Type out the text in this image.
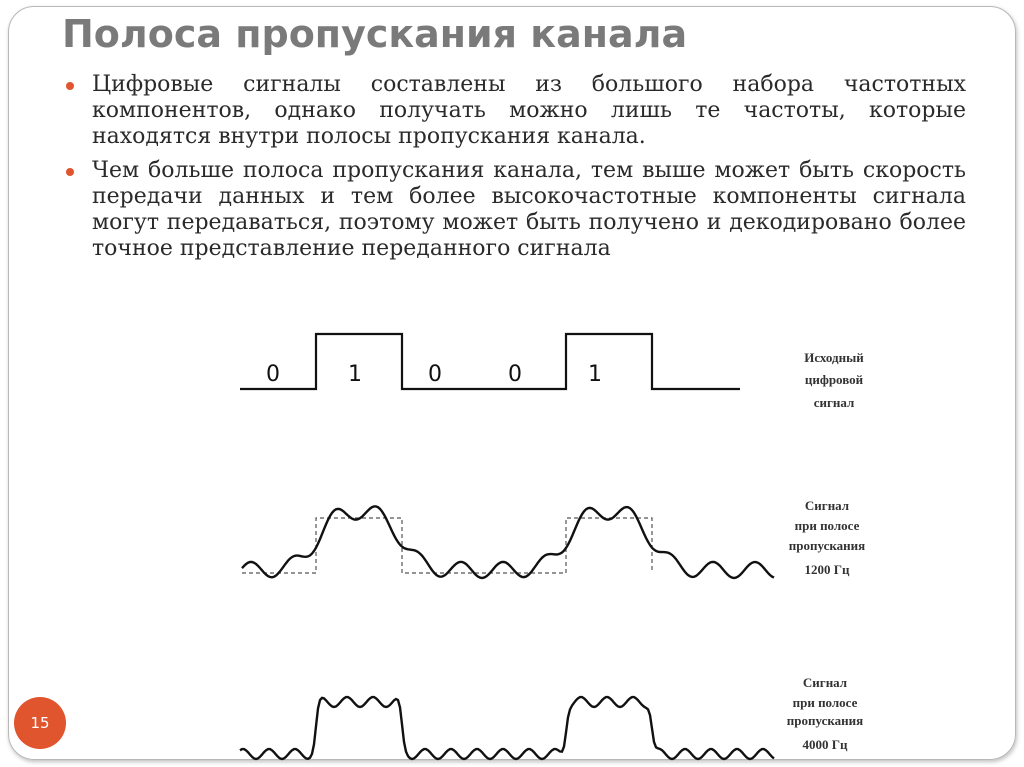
Полоса пропускания канала
Цифровые сигналы составлены из большого набора частотных компонентов, однако получать можно лишь те частоты, которые находятся внутри полосы пропускания канала.
Чем больше полоса пропускания канала, тем выше может быть скорость передачи данных и тем более высокочастотные компоненты сигнала могут передаваться, поэтому может быть получено и декодировано более точное представление переданного сигнала
0	1	0	0	1
Исходный
цифровой
сигнал
Сигнал
при полосе
пропускания
1200 Гц
Сигнал
при полосе
пропускания
4000 Гц
15
